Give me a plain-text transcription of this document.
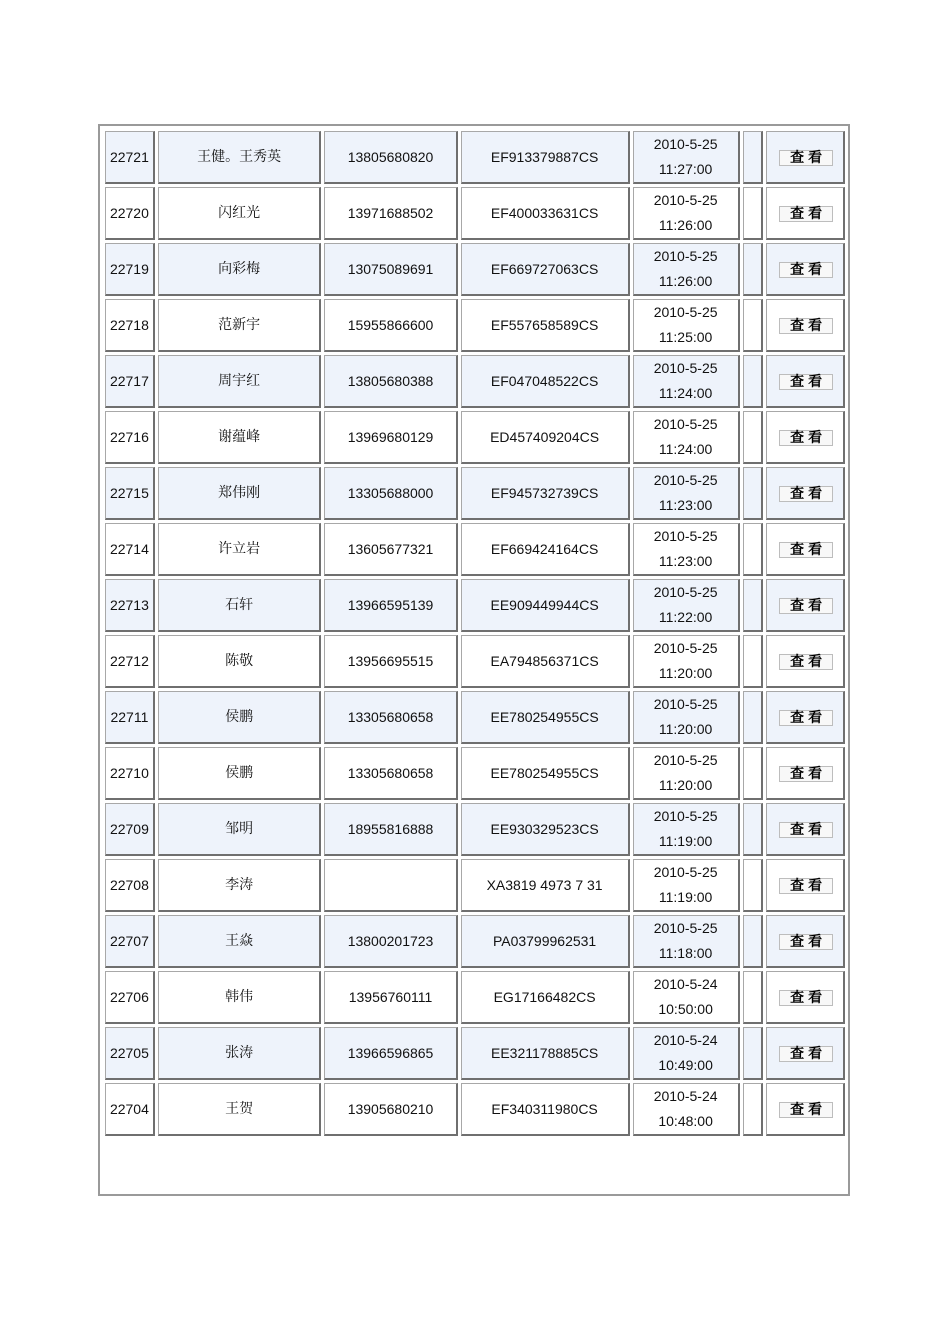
22721	王健。王秀英	13805680820	EF913379887CS	2010-5-25
11:27:00		查看
22720	闪红光	13971688502	EF400033631CS	2010-5-25
11:26:00		查看
22719	向彩梅	13075089691	EF669727063CS	2010-5-25
11:26:00		查看
22718	范新宇	15955866600	EF557658589CS	2010-5-25
11:25:00		查看
22717	周宇红	13805680388	EF047048522CS	2010-5-25
11:24:00		查看
22716	谢蕴峰	13969680129	ED457409204CS	2010-5-25
11:24:00		查看
22715	郑伟刚	13305688000	EF945732739CS	2010-5-25
11:23:00		查看
22714	许立岩	13605677321	EF669424164CS	2010-5-25
11:23:00		查看
22713	石轩	13966595139	EE909449944CS	2010-5-25
11:22:00		查看
22712	陈敬	13956695515	EA794856371CS	2010-5-25
11:20:00		查看
22711	侯鹏	13305680658	EE780254955CS	2010-5-25
11:20:00		查看
22710	侯鹏	13305680658	EE780254955CS	2010-5-25
11:20:00		查看
22709	邹明	18955816888	EE930329523CS	2010-5-25
11:19:00		查看
22708	李涛		XA3819 4973 7 31	2010-5-25
11:19:00		查看
22707	王焱	13800201723	PA03799962531	2010-5-25
11:18:00		查看
22706	韩伟	13956760111	EG17166482CS	2010-5-24
10:50:00		查看
22705	张涛	13966596865	EE321178885CS	2010-5-24
10:49:00		查看
22704	王贺	13905680210	EF340311980CS	2010-5-24
10:48:00		查看
